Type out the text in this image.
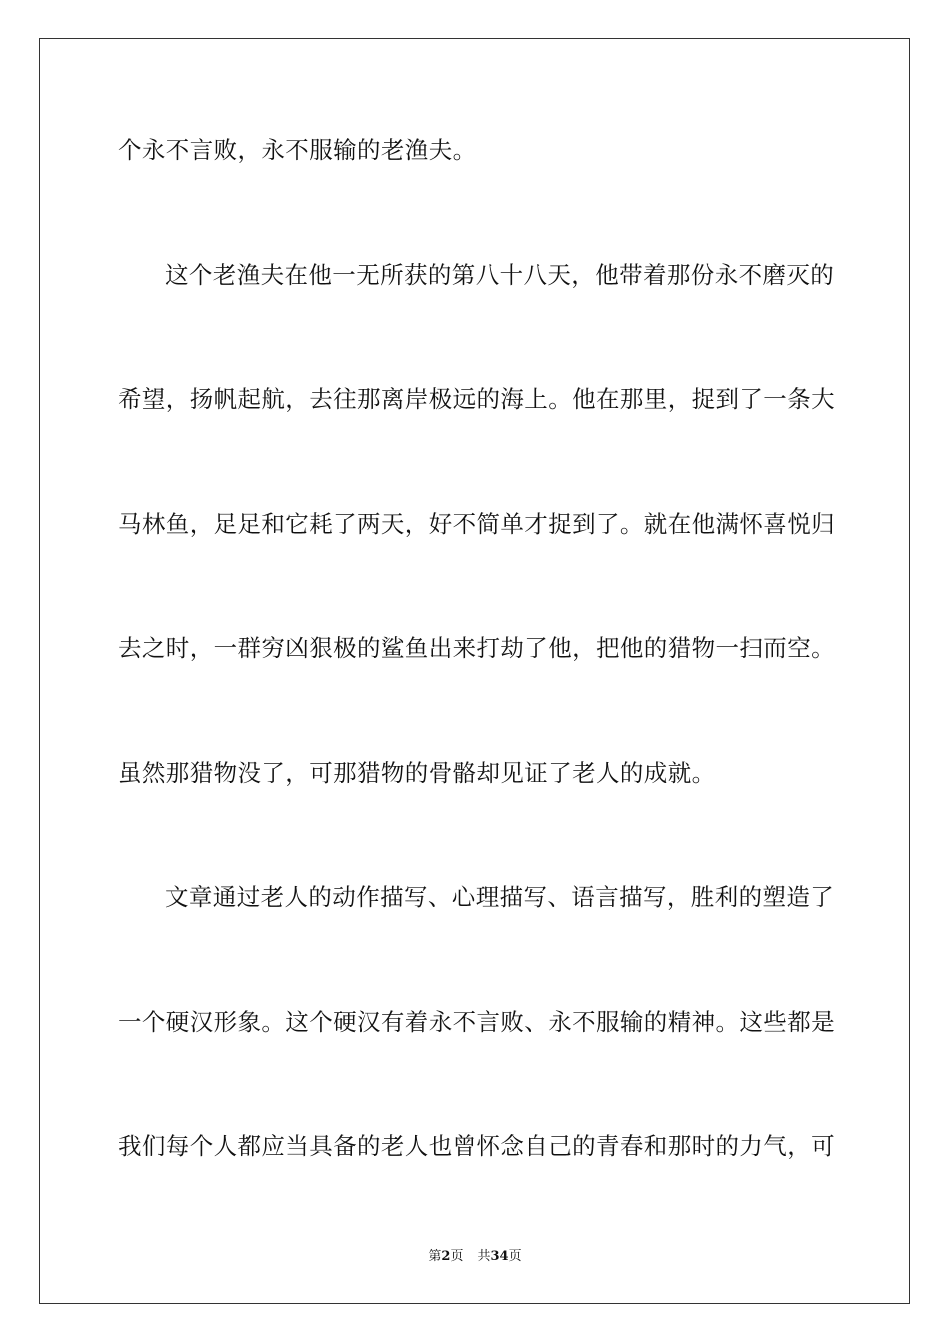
个永不言败，永不服输的老渔夫。
这个老渔夫在他一无所获的第八十八天，他带着那份永不磨灭的
希望，扬帆起航，去往那离岸极远的海上。他在那里，捉到了一条大
马林鱼，足足和它耗了两天，好不简单才捉到了。就在他满怀喜悦归
去之时，一群穷凶狠极的鲨鱼出来打劫了他，把他的猎物一扫而空。
虽然那猎物没了，可那猎物的骨骼却见证了老人的成就。
文章通过老人的动作描写、心理描写、语言描写，胜利的塑造了
一个硬汉形象。这个硬汉有着永不言败、永不服输的精神。这些都是
我们每个人都应当具备的老人也曾怀念自己的青春和那时的力气，可
第2页 共34页
